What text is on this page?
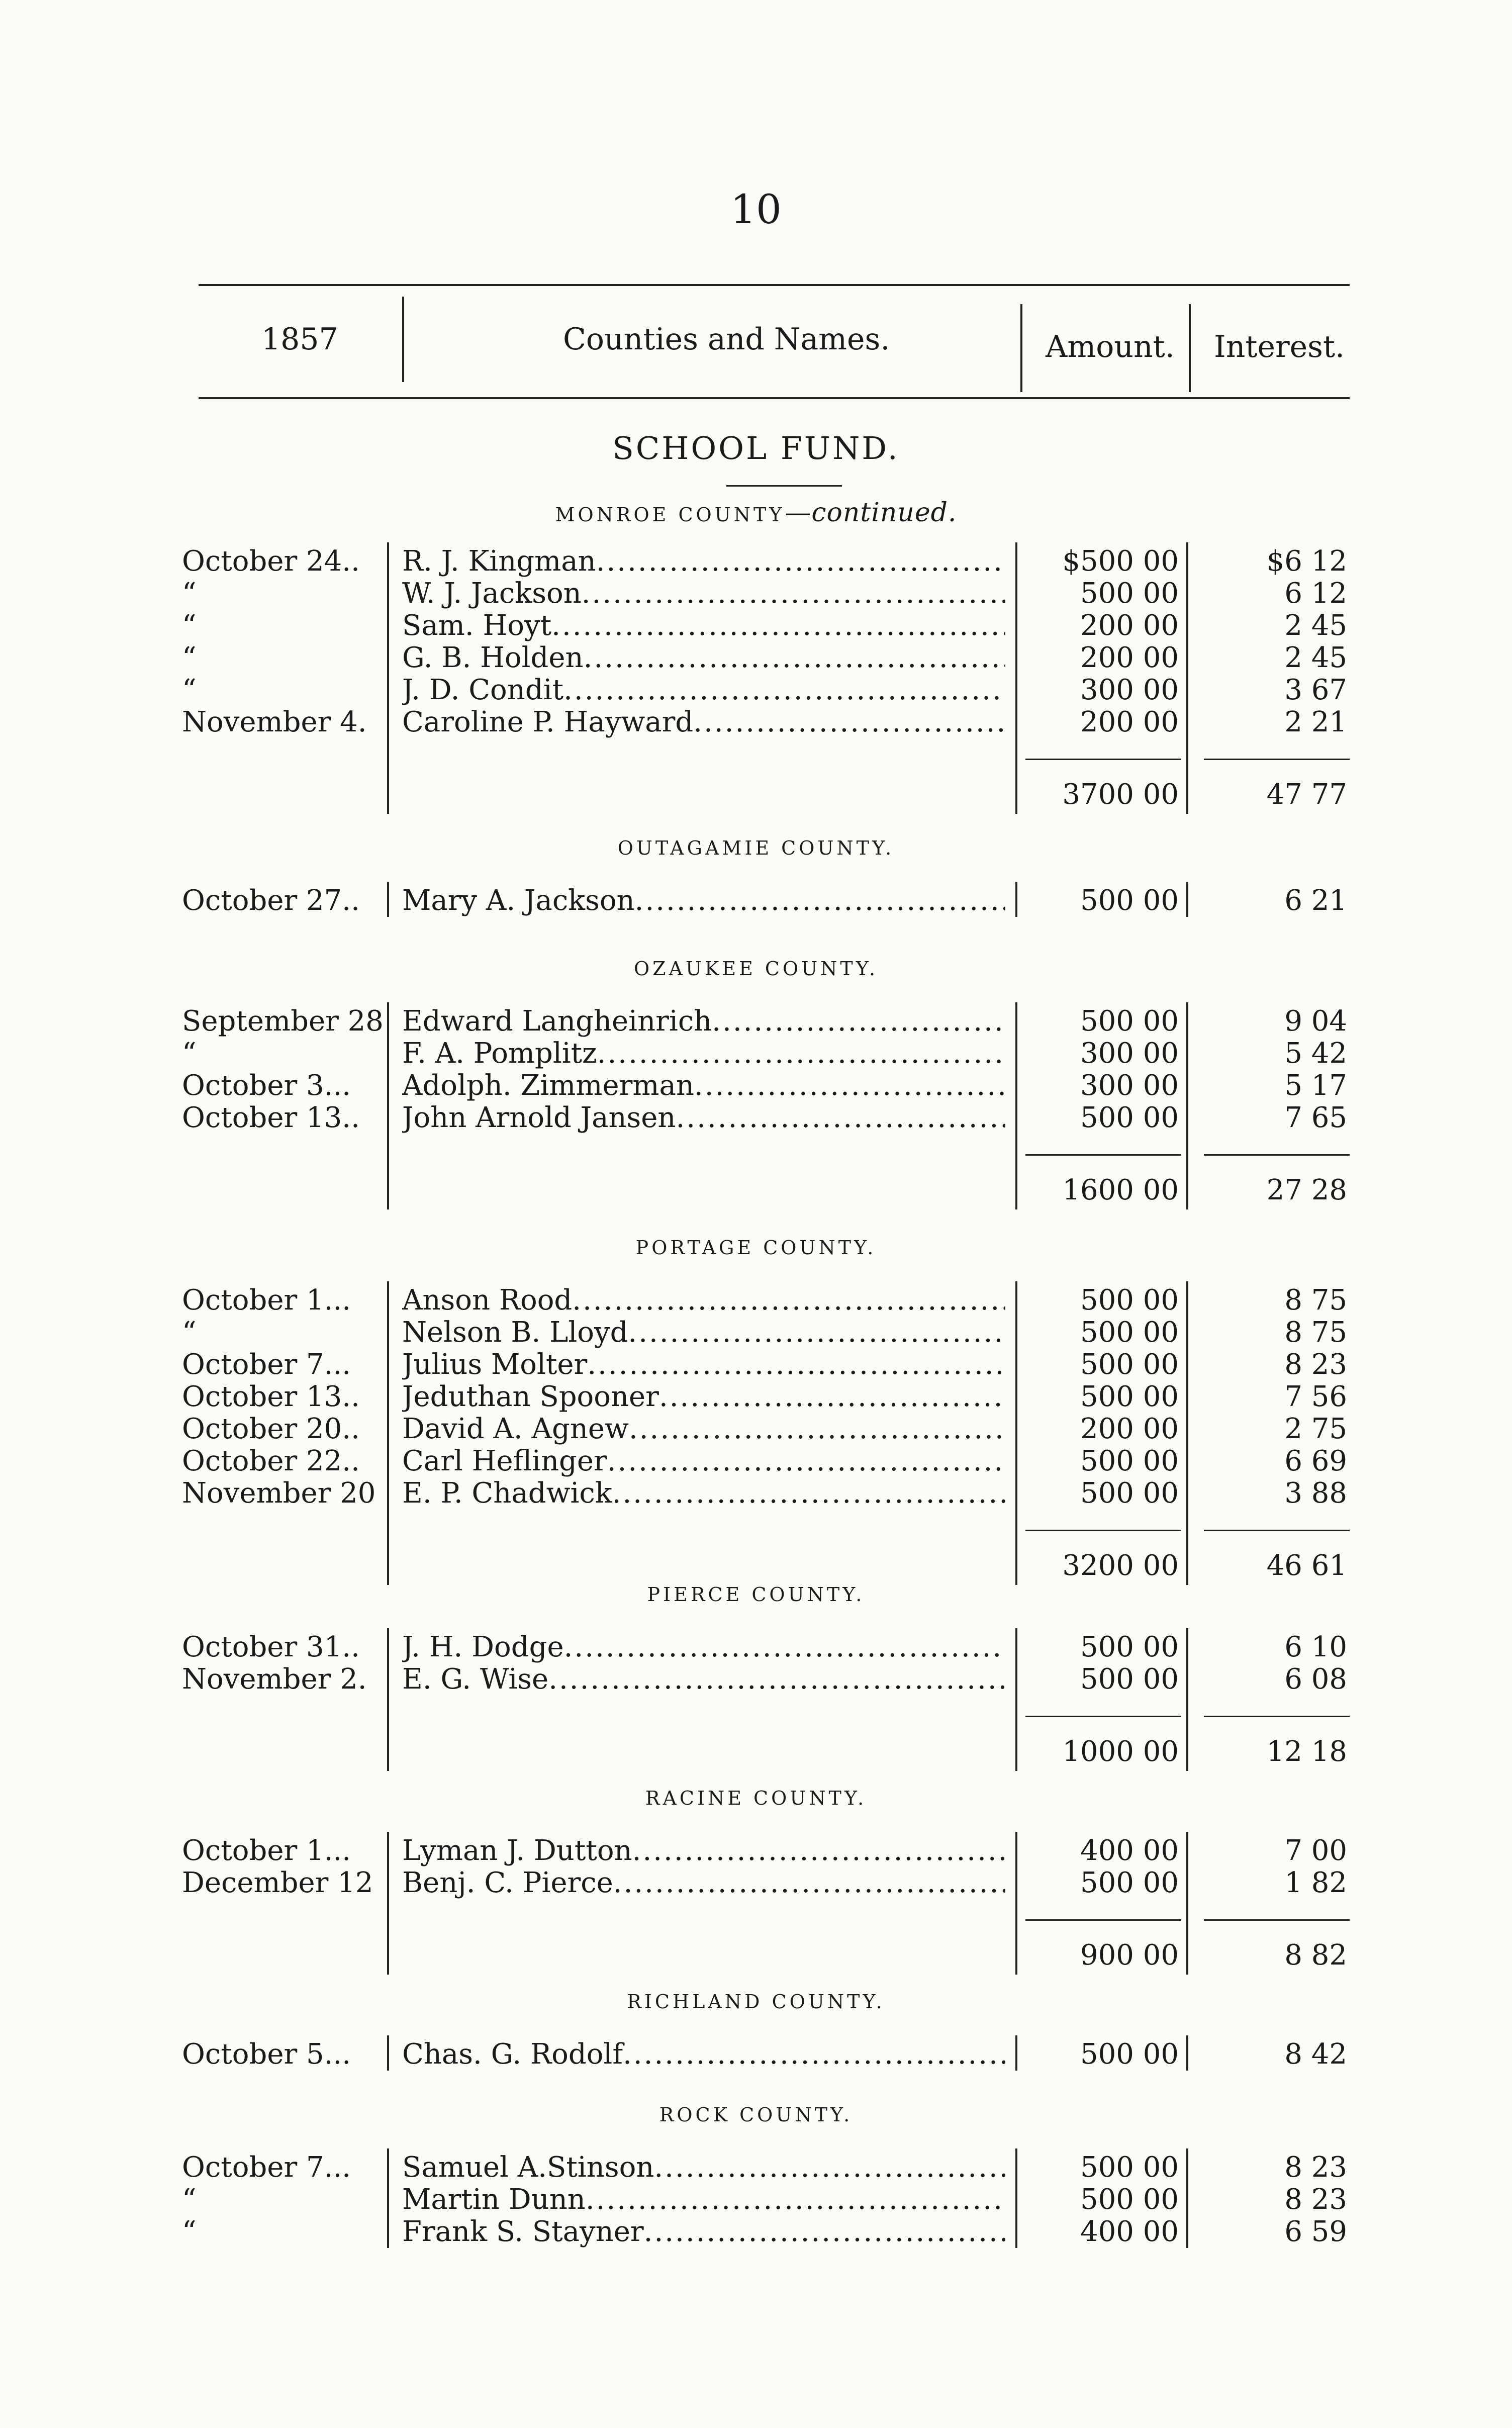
10
1857	Counties and Names.	Amount. Interest.
SCHOOL FUND.
MONROE COUNTY—continued.
October 24..	R. J. Kingman .....	$500 00	$6 12
“	W. J. Jackson .....	500 00	6 12
“	Sam. Hoyt .....	200 00	2 45
“	G. B. Holden .....	200 00	2 45
“	J. D. Condit .....	300 00	3 67
November 4.	Caroline P. Hayward .....	200 00	2 21
3700 00	47 77
OUTAGAMIE COUNTY.
October 27..	Mary A. Jackson .....	500 00	6 21
OZAUKEE COUNTY.
September 28 Edward Langheinrich .....	500 00	9 04
“	F. A. Pomplitz .....	300 00	5 42
October 3...	Adolph. Zimmerman .....	300 00	5 17
October 13..	John Arnold Jansen .....	500 00	7 65
1600 00	27 28
PORTAGE COUNTY.
October 1...	Anson Rood .....	500 00	8 75
“	Nelson B. Lloyd .....	500 00	8 75
October 7...	Julius Molter .....	500 00	8 23
October 13..	Jeduthan Spooner .....	500 00	7 56
October 20..	David A. Agnew .....	200 00	2 75
October 22..	Carl Heflinger .....	500 00	6 69
November 20 E. P. Chadwick .....	500 00	3 88
3200 00	46 61
PIERCE COUNTY.
October 31..	J. H. Dodge .....	500 00	6 10
November 2.	E. G. Wise .....	500 00	6 08
1000 00	12 18
RACINE COUNTY.
October 1...	Lyman J. Dutton .....	400 00	7 00
December 12	Benj. C. Pierce .....	500 00	1 82
900 00	8 82
RICHLAND COUNTY.
October 5...	Chas. G. Rodolf .....	500 00	8 42
ROCK COUNTY.
October 7...	Samuel A.Stinson .....	500 00	8 23
“	Martin Dunn .....	500 00	8 23
“	Frank S. Stayner .....	400 00	6 59
